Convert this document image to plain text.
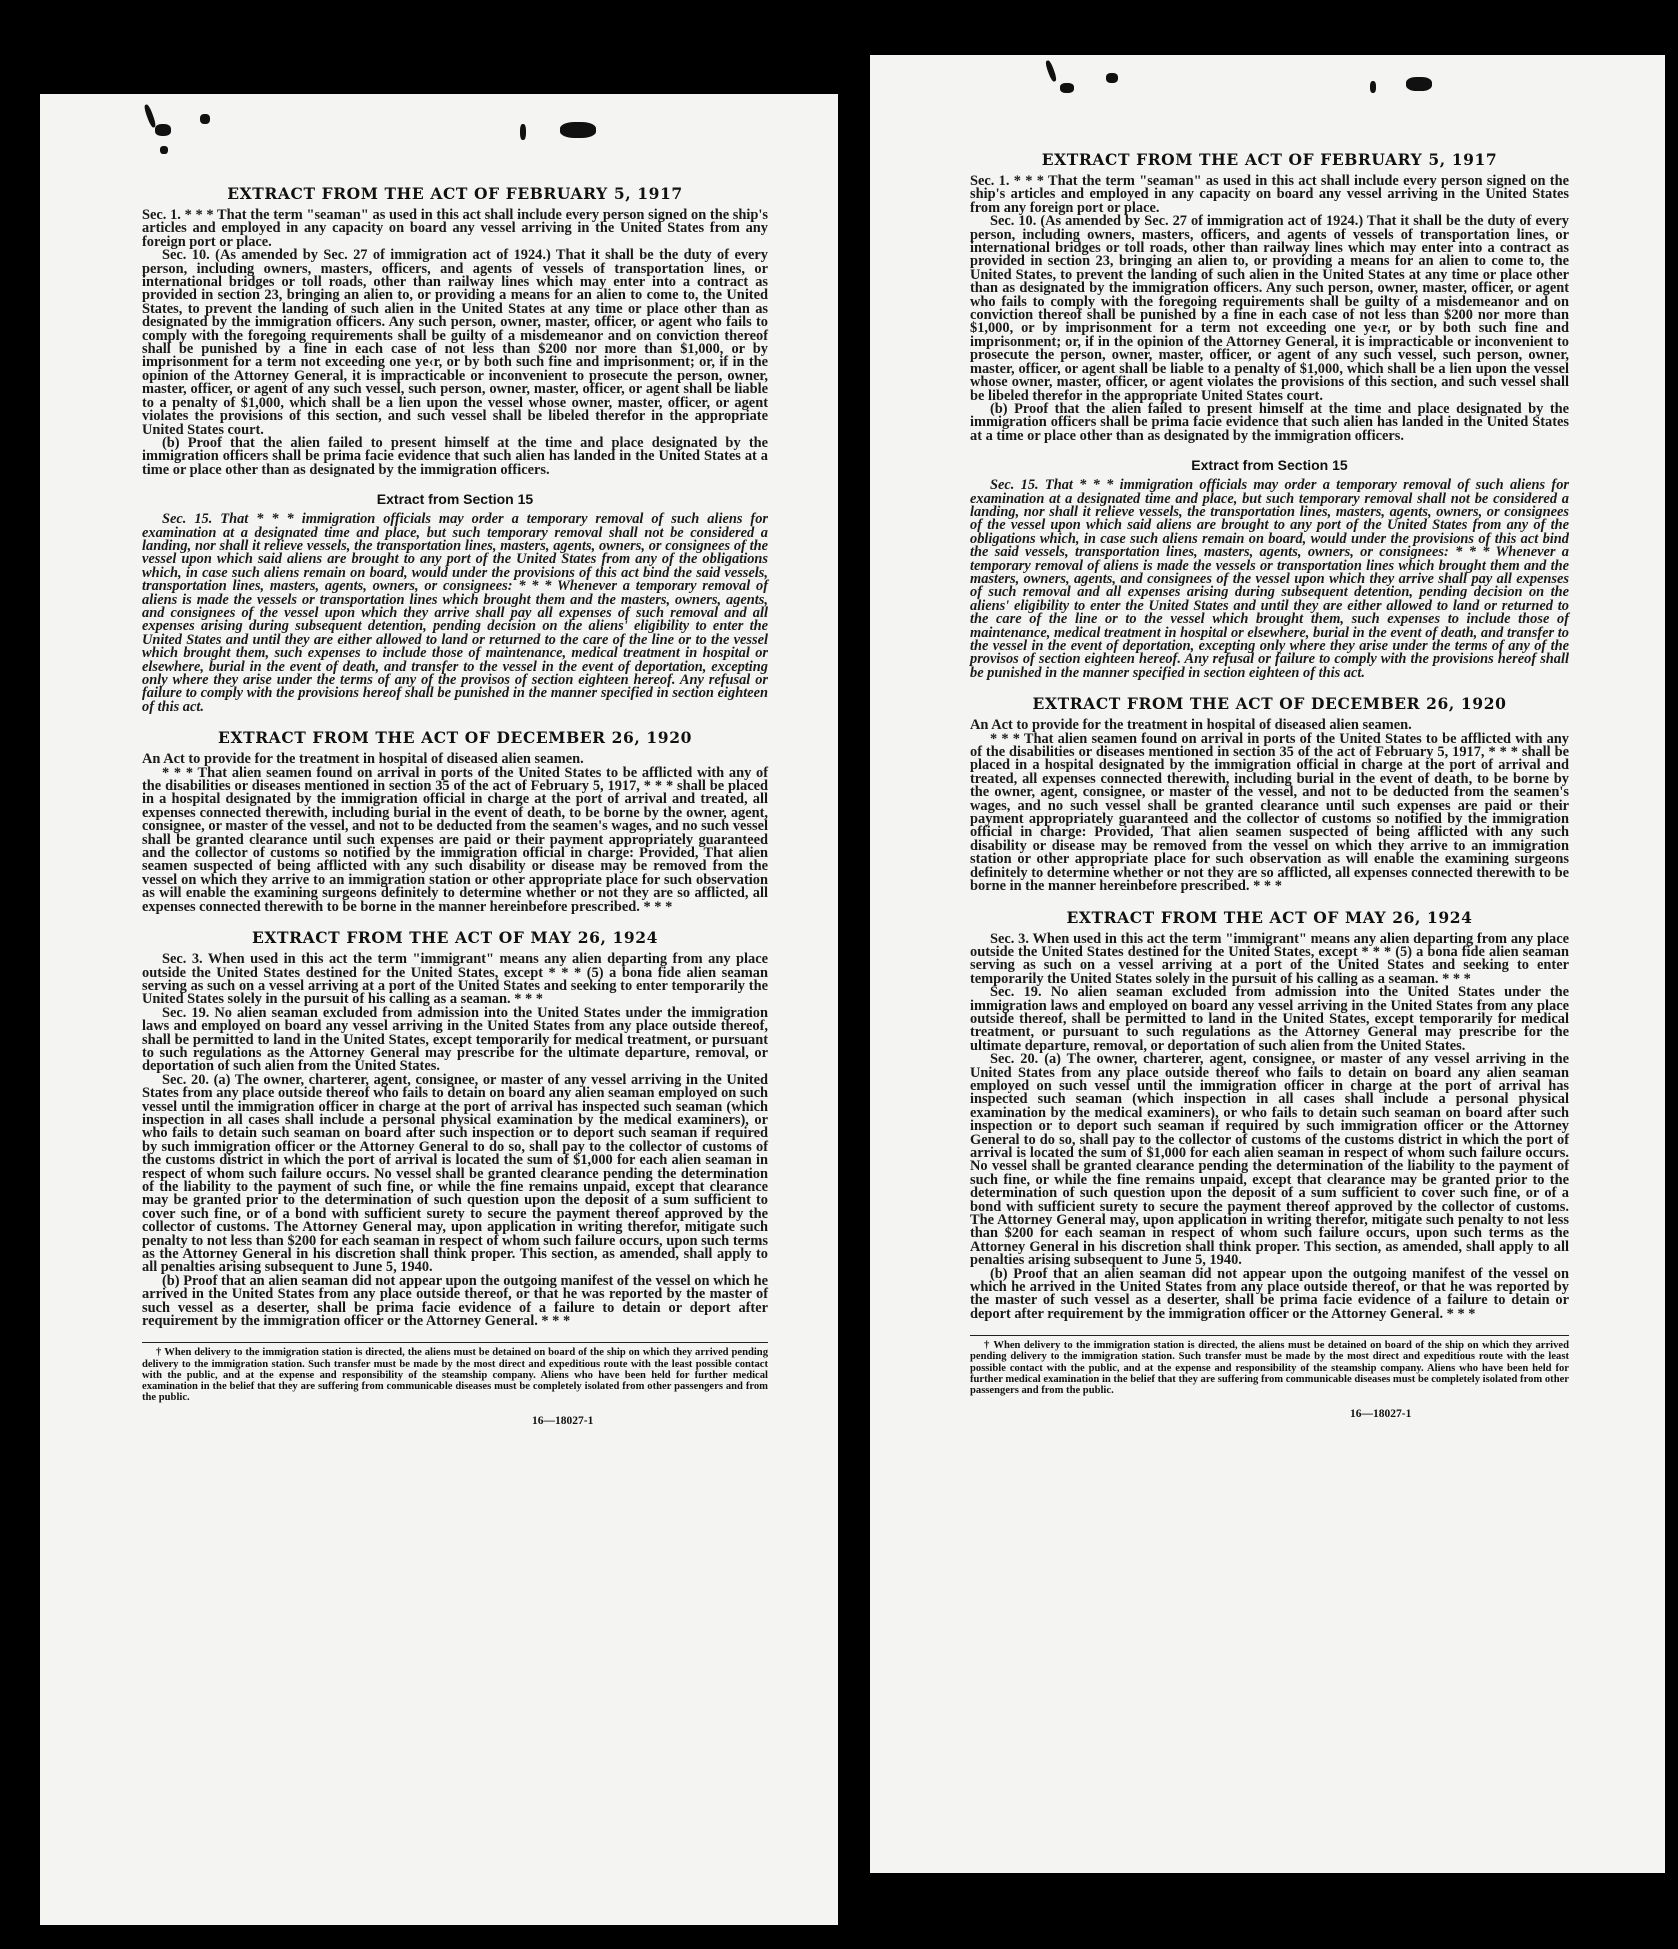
EXTRACT FROM THE ACT OF FEBRUARY 5, 1917

Sec. 1. * * * That the term "seaman" as used in this act shall include every person signed on the ship's articles and employed in any capacity on board any vessel arriving in the United States from any foreign port or place.

Sec. 10. (As amended by Sec. 27 of immigration act of 1924.) That it shall be the duty of every person, including owners, masters, officers, and agents of vessels of transportation lines, or international bridges or toll roads, other than railway lines which may enter into a contract as provided in section 23, bringing an alien to, or providing a means for an alien to come to, the United States, to prevent the landing of such alien in the United States at any time or place other than as designated by the immigration officers. Any such person, owner, master, officer, or agent who fails to comply with the foregoing requirements shall be guilty of a misdemeanor and on conviction thereof shall be punished by a fine in each case of not less than $200 nor more than $1,000, or by imprisonment for a term not exceeding one ye‹r, or by both such fine and imprisonment; or, if in the opinion of the Attorney General, it is impracticable or inconvenient to prosecute the person, owner, master, officer, or agent of any such vessel, such person, owner, master, officer, or agent shall be liable to a penalty of $1,000, which shall be a lien upon the vessel whose owner, master, officer, or agent violates the provisions of this section, and such vessel shall be libeled therefor in the appropriate United States court.

(b) Proof that the alien failed to present himself at the time and place designated by the immigration officers shall be prima facie evidence that such alien has landed in the United States at a time or place other than as designated by the immigration officers.

Extract from Section 15

Sec. 15. That * * * immigration officials may order a temporary removal of such aliens for examination at a designated time and place, but such temporary removal shall not be considered a landing, nor shall it relieve vessels, the transportation lines, masters, agents, owners, or consignees of the vessel upon which said aliens are brought to any port of the United States from any of the obligations which, in case such aliens remain on board, would under the provisions of this act bind the said vessels, transportation lines, masters, agents, owners, or consignees: * * * Whenever a temporary removal of aliens is made the vessels or transportation lines which brought them and the masters, owners, agents, and consignees of the vessel upon which they arrive shall pay all expenses of such removal and all expenses arising during subsequent detention, pending decision on the aliens' eligibility to enter the United States and until they are either allowed to land or returned to the care of the line or to the vessel which brought them, such expenses to include those of maintenance, medical treatment in hospital or elsewhere, burial in the event of death, and transfer to the vessel in the event of deportation, excepting only where they arise under the terms of any of the provisos of section eighteen hereof. Any refusal or failure to comply with the provisions hereof shall be punished in the manner specified in section eighteen of this act.

EXTRACT FROM THE ACT OF DECEMBER 26, 1920

An Act to provide for the treatment in hospital of diseased alien seamen.

* * * That alien seamen found on arrival in ports of the United States to be afflicted with any of the disabilities or diseases mentioned in section 35 of the act of February 5, 1917, * * * shall be placed in a hospital designated by the immigration official in charge at the port of arrival and treated, all expenses connected therewith, including burial in the event of death, to be borne by the owner, agent, consignee, or master of the vessel, and not to be deducted from the seamen's wages, and no such vessel shall be granted clearance until such expenses are paid or their payment appropriately guaranteed and the collector of customs so notified by the immigration official in charge: Provided, That alien seamen suspected of being afflicted with any such disability or disease may be removed from the vessel on which they arrive to an immigration station or other appropriate place for such observation as will enable the examining surgeons definitely to determine whether or not they are so afflicted, all expenses connected therewith to be borne in the manner hereinbefore prescribed. * * *

EXTRACT FROM THE ACT OF MAY 26, 1924

Sec. 3. When used in this act the term "immigrant" means any alien departing from any place outside the United States destined for the United States, except * * * (5) a bona fide alien seaman serving as such on a vessel arriving at a port of the United States and seeking to enter temporarily the United States solely in the pursuit of his calling as a seaman. * * *

Sec. 19. No alien seaman excluded from admission into the United States under the immigration laws and employed on board any vessel arriving in the United States from any place outside thereof, shall be permitted to land in the United States, except temporarily for medical treatment, or pursuant to such regulations as the Attorney General may prescribe for the ultimate departure, removal, or deportation of such alien from the United States.

Sec. 20. (a) The owner, charterer, agent, consignee, or master of any vessel arriving in the United States from any place outside thereof who fails to detain on board any alien seaman employed on such vessel until the immigration officer in charge at the port of arrival has inspected such seaman (which inspection in all cases shall include a personal physical examination by the medical examiners), or who fails to detain such seaman on board after such inspection or to deport such seaman if required by such immigration officer or the Attorney General to do so, shall pay to the collector of customs of the customs district in which the port of arrival is located the sum of $1,000 for each alien seaman in respect of whom such failure occurs. No vessel shall be granted clearance pending the determination of the liability to the payment of such fine, or while the fine remains unpaid, except that clearance may be granted prior to the determination of such question upon the deposit of a sum sufficient to cover such fine, or of a bond with sufficient surety to secure the payment thereof approved by the collector of customs. The Attorney General may, upon application in writing therefor, mitigate such penalty to not less than $200 for each seaman in respect of whom such failure occurs, upon such terms as the Attorney General in his discretion shall think proper. This section, as amended, shall apply to all penalties arising subsequent to June 5, 1940.

(b) Proof that an alien seaman did not appear upon the outgoing manifest of the vessel on which he arrived in the United States from any place outside thereof, or that he was reported by the master of such vessel as a deserter, shall be prima facie evidence of a failure to detain or deport after requirement by the immigration officer or the Attorney General. * * *

† When delivery to the immigration station is directed, the aliens must be detained on board of the ship on which they arrived pending delivery to the immigration station. Such transfer must be made by the most direct and expeditious route with the least possible contact with the public, and at the expense and responsibility of the steamship company. Aliens who have been held for further medical examination in the belief that they are suffering from communicable diseases must be completely isolated from other passengers and from the public.

16—18027-1
EXTRACT FROM THE ACT OF FEBRUARY 5, 1917

Sec. 1. * * * That the term "seaman" as used in this act shall include every person signed on the ship's articles and employed in any capacity on board any vessel arriving in the United States from any foreign port or place.

Sec. 10. (As amended by Sec. 27 of immigration act of 1924.) That it shall be the duty of every person, including owners, masters, officers, and agents of vessels of transportation lines, or international bridges or toll roads, other than railway lines which may enter into a contract as provided in section 23, bringing an alien to, or providing a means for an alien to come to, the United States, to prevent the landing of such alien in the United States at any time or place other than as designated by the immigration officers. Any such person, owner, master, officer, or agent who fails to comply with the foregoing requirements shall be guilty of a misdemeanor and on conviction thereof shall be punished by a fine in each case of not less than $200 nor more than $1,000, or by imprisonment for a term not exceeding one ye‹r, or by both such fine and imprisonment; or, if in the opinion of the Attorney General, it is impracticable or inconvenient to prosecute the person, owner, master, officer, or agent of any such vessel, such person, owner, master, officer, or agent shall be liable to a penalty of $1,000, which shall be a lien upon the vessel whose owner, master, officer, or agent violates the provisions of this section, and such vessel shall be libeled therefor in the appropriate United States court.

(b) Proof that the alien failed to present himself at the time and place designated by the immigration officers shall be prima facie evidence that such alien has landed in the United States at a time or place other than as designated by the immigration officers.

Extract from Section 15

Sec. 15. That * * * immigration officials may order a temporary removal of such aliens for examination at a designated time and place, but such temporary removal shall not be considered a landing, nor shall it relieve vessels, the transportation lines, masters, agents, owners, or consignees of the vessel upon which said aliens are brought to any port of the United States from any of the obligations which, in case such aliens remain on board, would under the provisions of this act bind the said vessels, transportation lines, masters, agents, owners, or consignees: * * * Whenever a temporary removal of aliens is made the vessels or transportation lines which brought them and the masters, owners, agents, and consignees of the vessel upon which they arrive shall pay all expenses of such removal and all expenses arising during subsequent detention, pending decision on the aliens' eligibility to enter the United States and until they are either allowed to land or returned to the care of the line or to the vessel which brought them, such expenses to include those of maintenance, medical treatment in hospital or elsewhere, burial in the event of death, and transfer to the vessel in the event of deportation, excepting only where they arise under the terms of any of the provisos of section eighteen hereof. Any refusal or failure to comply with the provisions hereof shall be punished in the manner specified in section eighteen of this act.

EXTRACT FROM THE ACT OF DECEMBER 26, 1920

An Act to provide for the treatment in hospital of diseased alien seamen.

* * * That alien seamen found on arrival in ports of the United States to be afflicted with any of the disabilities or diseases mentioned in section 35 of the act of February 5, 1917, * * * shall be placed in a hospital designated by the immigration official in charge at the port of arrival and treated, all expenses connected therewith, including burial in the event of death, to be borne by the owner, agent, consignee, or master of the vessel, and not to be deducted from the seamen's wages, and no such vessel shall be granted clearance until such expenses are paid or their payment appropriately guaranteed and the collector of customs so notified by the immigration official in charge: Provided, That alien seamen suspected of being afflicted with any such disability or disease may be removed from the vessel on which they arrive to an immigration station or other appropriate place for such observation as will enable the examining surgeons definitely to determine whether or not they are so afflicted, all expenses connected therewith to be borne in the manner hereinbefore prescribed. * * *

EXTRACT FROM THE ACT OF MAY 26, 1924

Sec. 3. When used in this act the term "immigrant" means any alien departing from any place outside the United States destined for the United States, except * * * (5) a bona fide alien seaman serving as such on a vessel arriving at a port of the United States and seeking to enter temporarily the United States solely in the pursuit of his calling as a seaman. * * *

Sec. 19. No alien seaman excluded from admission into the United States under the immigration laws and employed on board any vessel arriving in the United States from any place outside thereof, shall be permitted to land in the United States, except temporarily for medical treatment, or pursuant to such regulations as the Attorney General may prescribe for the ultimate departure, removal, or deportation of such alien from the United States.

Sec. 20. (a) The owner, charterer, agent, consignee, or master of any vessel arriving in the United States from any place outside thereof who fails to detain on board any alien seaman employed on such vessel until the immigration officer in charge at the port of arrival has inspected such seaman (which inspection in all cases shall include a personal physical examination by the medical examiners), or who fails to detain such seaman on board after such inspection or to deport such seaman if required by such immigration officer or the Attorney General to do so, shall pay to the collector of customs of the customs district in which the port of arrival is located the sum of $1,000 for each alien seaman in respect of whom such failure occurs. No vessel shall be granted clearance pending the determination of the liability to the payment of such fine, or while the fine remains unpaid, except that clearance may be granted prior to the determination of such question upon the deposit of a sum sufficient to cover such fine, or of a bond with sufficient surety to secure the payment thereof approved by the collector of customs. The Attorney General may, upon application in writing therefor, mitigate such penalty to not less than $200 for each seaman in respect of whom such failure occurs, upon such terms as the Attorney General in his discretion shall think proper. This section, as amended, shall apply to all penalties arising subsequent to June 5, 1940.

(b) Proof that an alien seaman did not appear upon the outgoing manifest of the vessel on which he arrived in the United States from any place outside thereof, or that he was reported by the master of such vessel as a deserter, shall be prima facie evidence of a failure to detain or deport after requirement by the immigration officer or the Attorney General. * * *

† When delivery to the immigration station is directed, the aliens must be detained on board of the ship on which they arrived pending delivery to the immigration station. Such transfer must be made by the most direct and expeditious route with the least possible contact with the public, and at the expense and responsibility of the steamship company. Aliens who have been held for further medical examination in the belief that they are suffering from communicable diseases must be completely isolated from other passengers and from the public.

16—18027-1
